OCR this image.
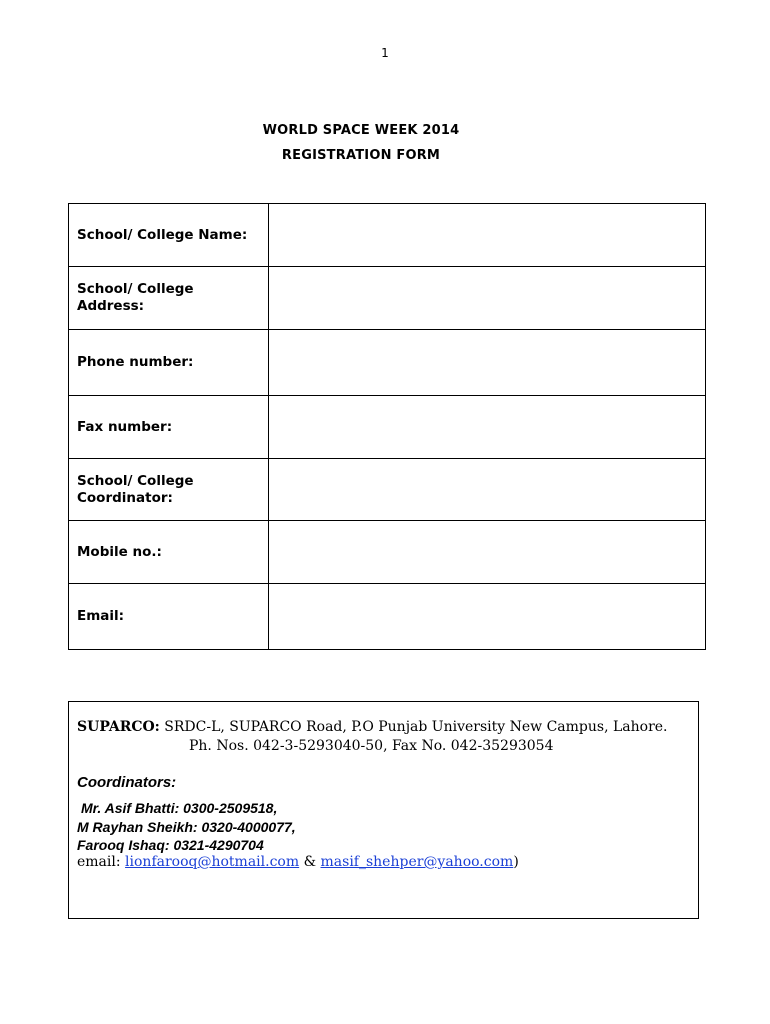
1
WORLD SPACE WEEK 2014
REGISTRATION FORM
School/ College Name:	
School/ College
Address:	
Phone number:	
Fax number:	
School/ College
Coordinator:	
Mobile no.:	
Email:	
SUPARCO: SRDC-L, SUPARCO Road, P.O Punjab University New Campus, Lahore.
Ph. Nos. 042-3-5293040-50, Fax No. 042-35293054
Coordinators:
Mr. Asif Bhatti: 0300-2509518,
M Rayhan Sheikh: 0320-4000077,
Farooq Ishaq: 0321-4290704
email: lionfarooq@hotmail.com & masif_shehper@yahoo.com)
